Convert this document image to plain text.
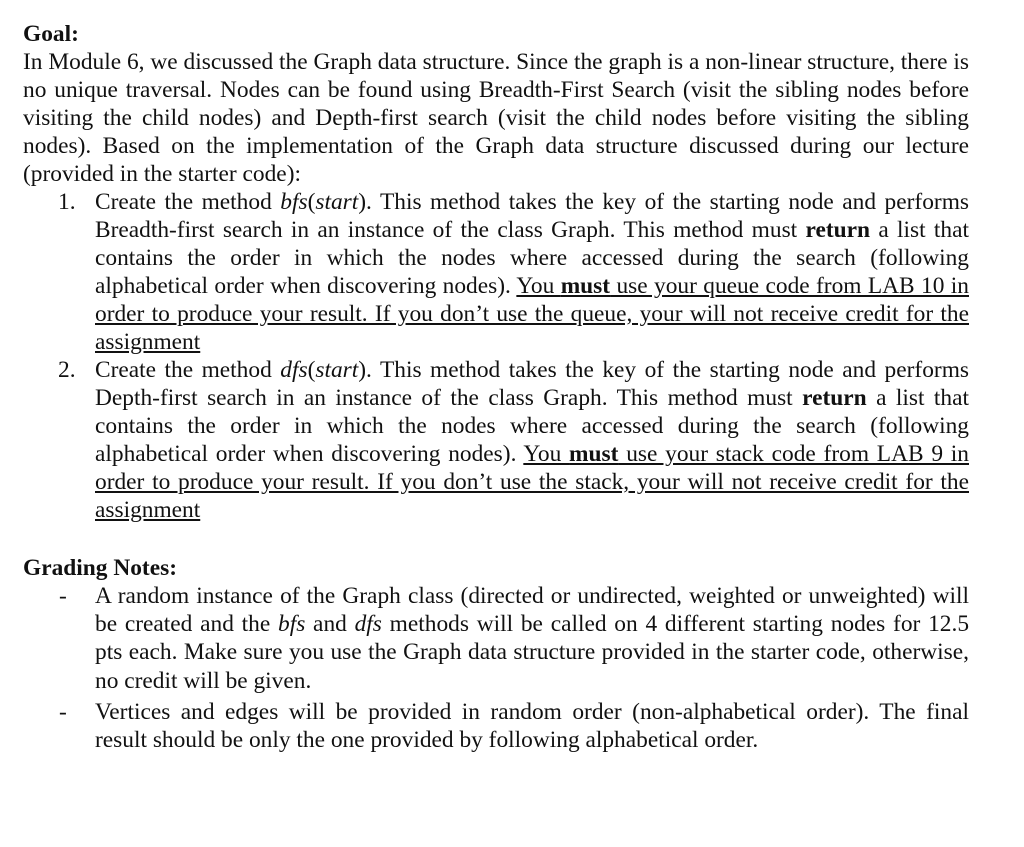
Goal:

In Module 6, we discussed the Graph data structure. Since the graph is a non-linear structure, there is no unique traversal. Nodes can be found using Breadth-First Search (visit the sibling nodes before visiting the child nodes) and Depth-first search (visit the child nodes before visiting the sibling nodes). Based on the implementation of the Graph data structure discussed during our lecture (provided in the starter code):

1. Create the method bfs(start). This method takes the key of the starting node and performs Breadth-first search in an instance of the class Graph. This method must return a list that contains the order in which the nodes where accessed during the search (following alphabetical order when discovering nodes). You must use your queue code from LAB 10 in order to produce your result. If you don’t use the queue, your will not receive credit for the assignment
2. Create the method dfs(start). This method takes the key of the starting node and performs Depth-first search in an instance of the class Graph. This method must return a list that contains the order in which the nodes where accessed during the search (following alphabetical order when discovering nodes). You must use your stack code from LAB 9 in order to produce your result. If you don’t use the stack, your will not receive credit for the assignment

Grading Notes:

- A random instance of the Graph class (directed or undirected, weighted or unweighted) will be created and the bfs and dfs methods will be called on 4 different starting nodes for 12.5 pts each. Make sure you use the Graph data structure provided in the starter code, otherwise, no credit will be given.
- Vertices and edges will be provided in random order (non-alphabetical order). The final result should be only the one provided by following alphabetical order.
